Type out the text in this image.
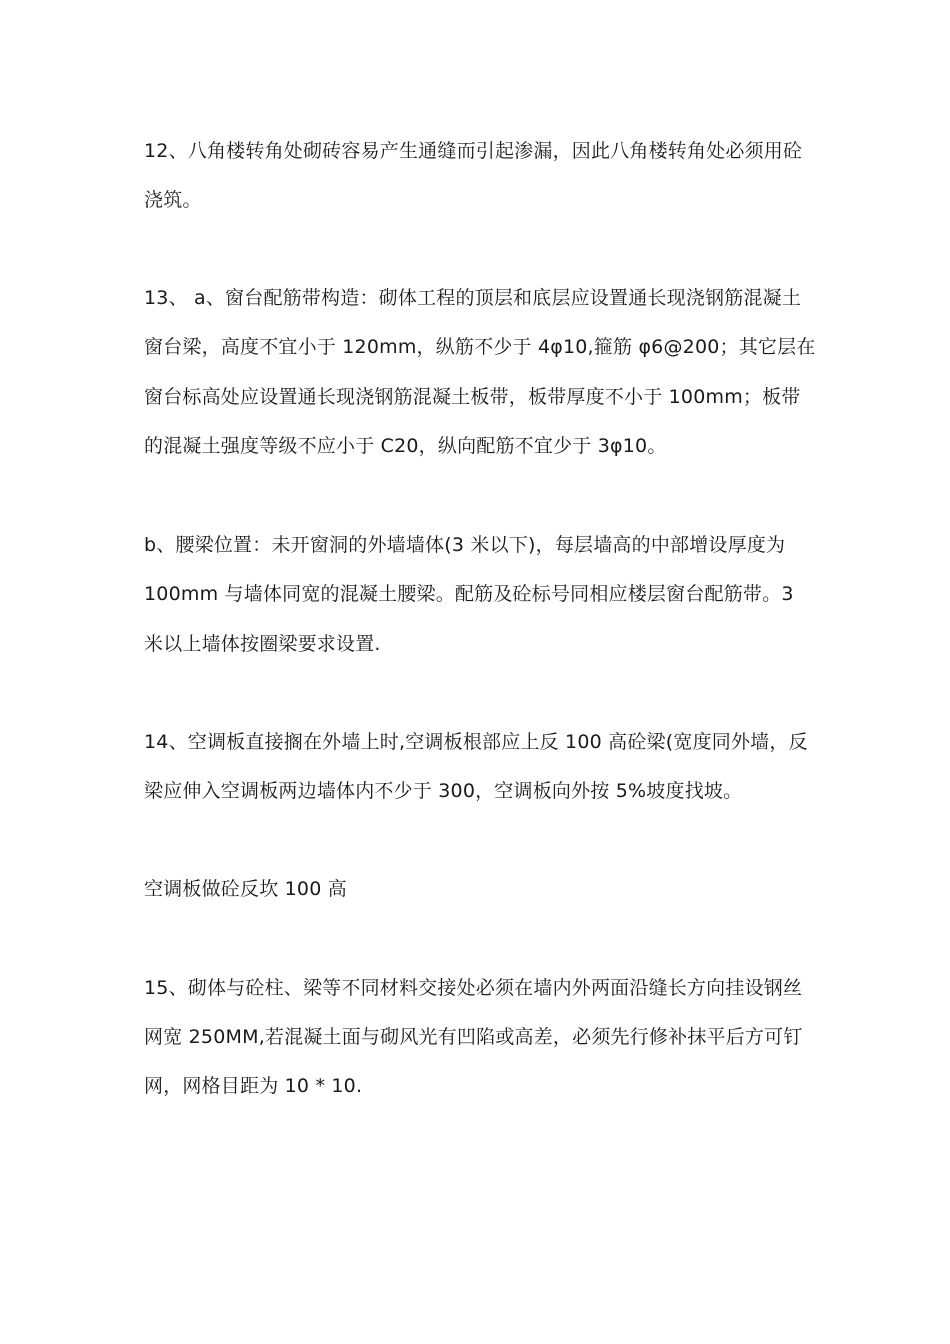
12、八角楼转角处砌砖容易产生通缝而引起渗漏，因此八角楼转角处必须用砼
浇筑。
13、 a、窗台配筋带构造：砌体工程的顶层和底层应设置通长现浇钢筋混凝土
窗台梁，高度不宜小于 120mm，纵筋不少于 4φ10,箍筋 φ6@200；其它层在
窗台标高处应设置通长现浇钢筋混凝土板带，板带厚度不小于 100mm；板带
的混凝土强度等级不应小于 C20，纵向配筋不宜少于 3φ10。
b、腰梁位置：未开窗洞的外墙墙体(3 米以下)，每层墙高的中部增设厚度为
100mm 与墙体同宽的混凝土腰梁。配筋及砼标号同相应楼层窗台配筋带。3
米以上墙体按圈梁要求设置.
14、空调板直接搁在外墙上时,空调板根部应上反 100 高砼梁(宽度同外墙，反
梁应伸入空调板两边墙体内不少于 300，空调板向外按 5%坡度找坡。
空调板做砼反坎 100 高
15、砌体与砼柱、梁等不同材料交接处必须在墙内外两面沿缝长方向挂设钢丝
网宽 250MM,若混凝土面与砌风光有凹陷或高差，必须先行修补抹平后方可钉
网，网格目距为 10 * 10.
